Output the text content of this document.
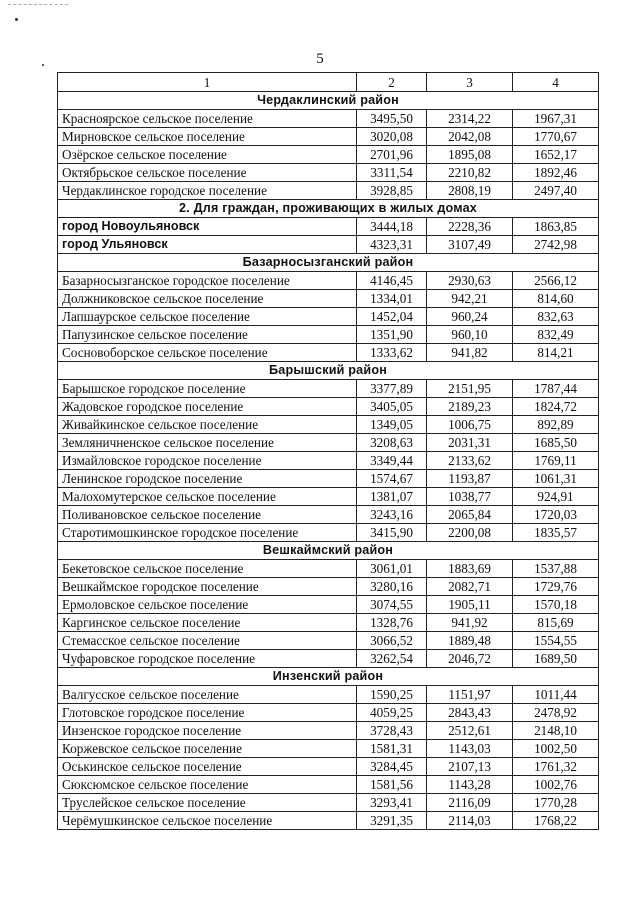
5
1	2	3	4
Чердаклинский район			
Красноярское сельское поселение	3495,50	2314,22	1967,31
Мирновское сельское поселение	3020,08	2042,08	1770,67
Озёрское сельское поселение	2701,96	1895,08	1652,17
Октябрьское сельское поселение	3311,54	2210,82	1892,46
Чердаклинское городское поселение	3928,85	2808,19	2497,40
2. Для граждан, проживающих в жилых домах			
город Новоульяновск	3444,18	2228,36	1863,85
город Ульяновск	4323,31	3107,49	2742,98
Базарносызганский район			
Базарносызганское городское поселение	4146,45	2930,63	2566,12
Должниковское сельское поселение	1334,01	942,21	814,60
Лапшаурское сельское поселение	1452,04	960,24	832,63
Папузинское сельское поселение	1351,90	960,10	832,49
Сосновоборское сельское поселение	1333,62	941,82	814,21
Барышский район			
Барышское городское поселение	3377,89	2151,95	1787,44
Жадовское городское поселение	3405,05	2189,23	1824,72
Живайкинское сельское поселение	1349,05	1006,75	892,89
Земляничненское сельское поселение	3208,63	2031,31	1685,50
Измайловское городское поселение	3349,44	2133,62	1769,11
Ленинское городское поселение	1574,67	1193,87	1061,31
Малохомутерское сельское поселение	1381,07	1038,77	924,91
Поливановское сельское поселение	3243,16	2065,84	1720,03
Старотимошкинское городское поселение	3415,90	2200,08	1835,57
Вешкаймский район			
Бекетовское сельское поселение	3061,01	1883,69	1537,88
Вешкаймское городское поселение	3280,16	2082,71	1729,76
Ермоловское сельское поселение	3074,55	1905,11	1570,18
Каргинское сельское поселение	1328,76	941,92	815,69
Стемасское сельское поселение	3066,52	1889,48	1554,55
Чуфаровское городское поселение	3262,54	2046,72	1689,50
Инзенский район			
Валгусское сельское поселение	1590,25	1151,97	1011,44
Глотовское городское поселение	4059,25	2843,43	2478,92
Инзенское городское поселение	3728,43	2512,61	2148,10
Коржевское сельское поселение	1581,31	1143,03	1002,50
Оськинское сельское поселение	3284,45	2107,13	1761,32
Сюксюмское сельское поселение	1581,56	1143,28	1002,76
Труслейское сельское поселение	3293,41	2116,09	1770,28
Черёмушкинское сельское поселение	3291,35	2114,03	1768,22
